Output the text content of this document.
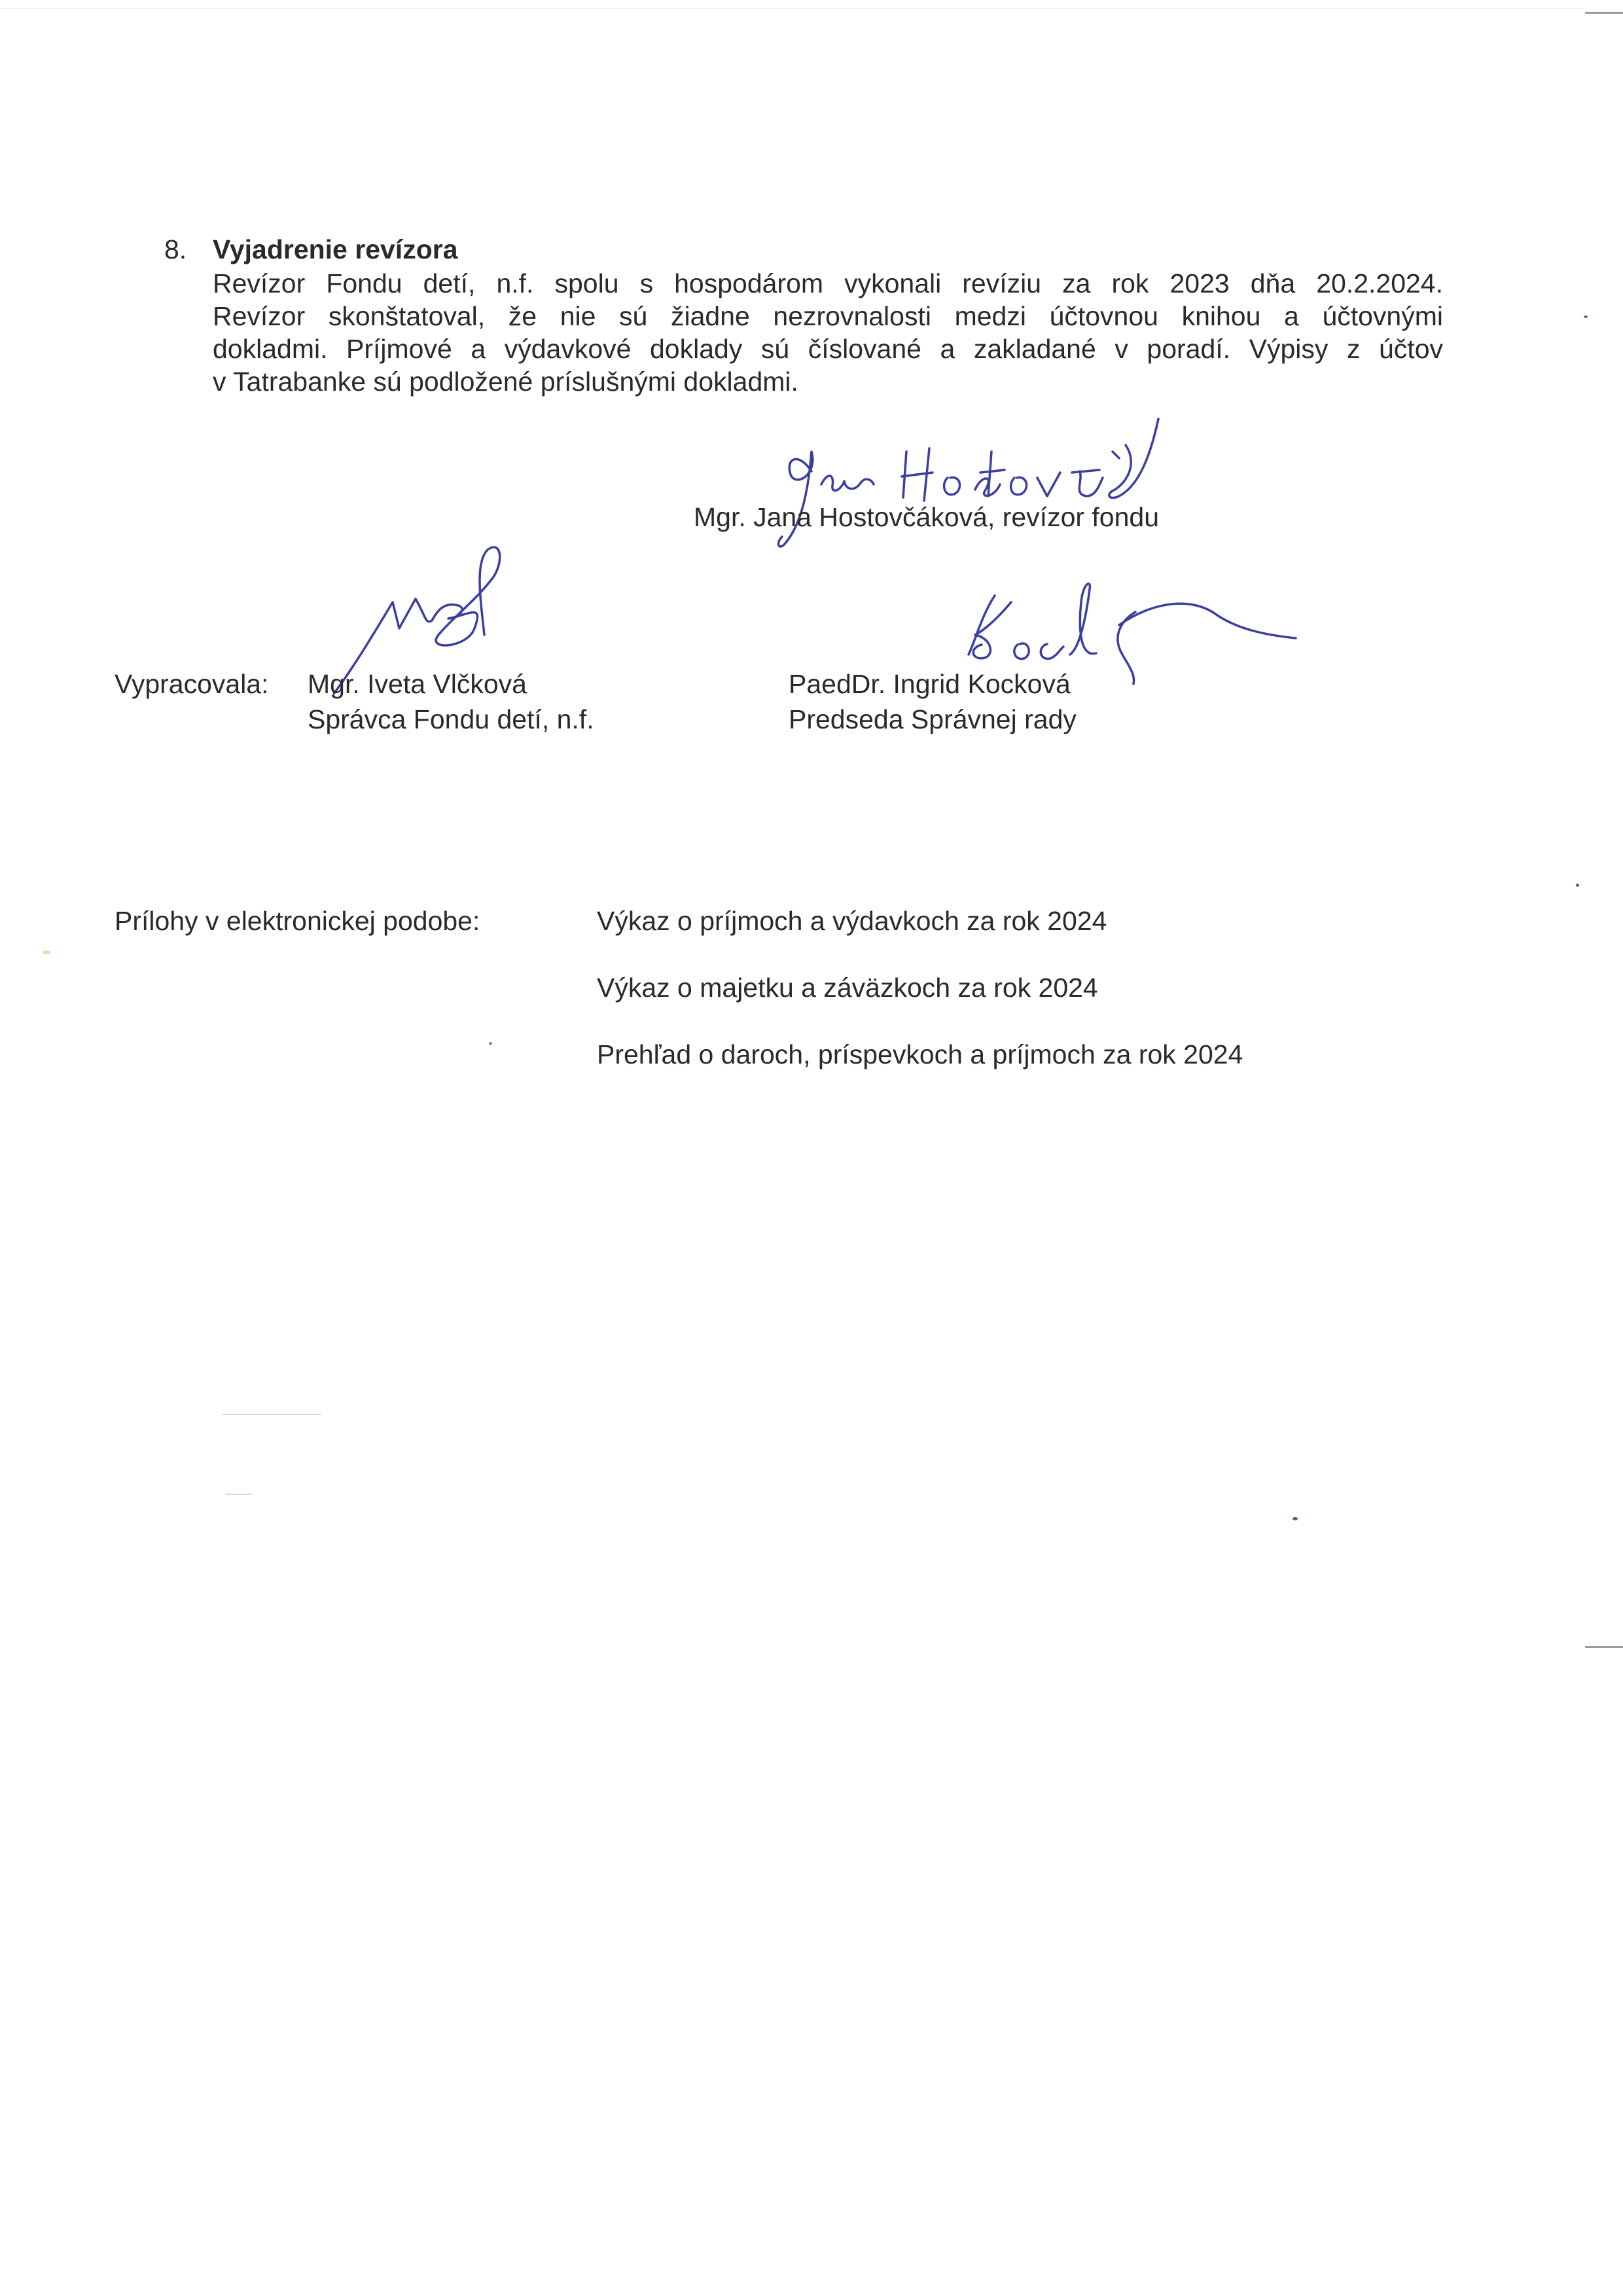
8. Vyjadrenie revízora
Revízor Fondu detí, n.f. spolu s hospodárom vykonali revíziu za rok 2023 dňa 20.2.2024.
Revízor skonštatoval, že nie sú žiadne nezrovnalosti medzi účtovnou knihou a účtovnými
dokladmi. Príjmové a výdavkové doklady sú číslované a zakladané v poradí. Výpisy z účtov
v Tatrabanke sú podložené príslušnými dokladmi.
Mgr. Jana Hostovčáková, revízor fondu
Vypracovala: Mgr. Iveta Vlčková
Správca Fondu detí, n.f.
PaedDr. Ingrid Kocková
Predseda Správnej rady
Prílohy v elektronickej podobe:	Výkaz o príjmoch a výdavkoch za rok 2024
Výkaz o majetku a záväzkoch za rok 2024
Prehľad o daroch, príspevkoch a príjmoch za rok 2024
